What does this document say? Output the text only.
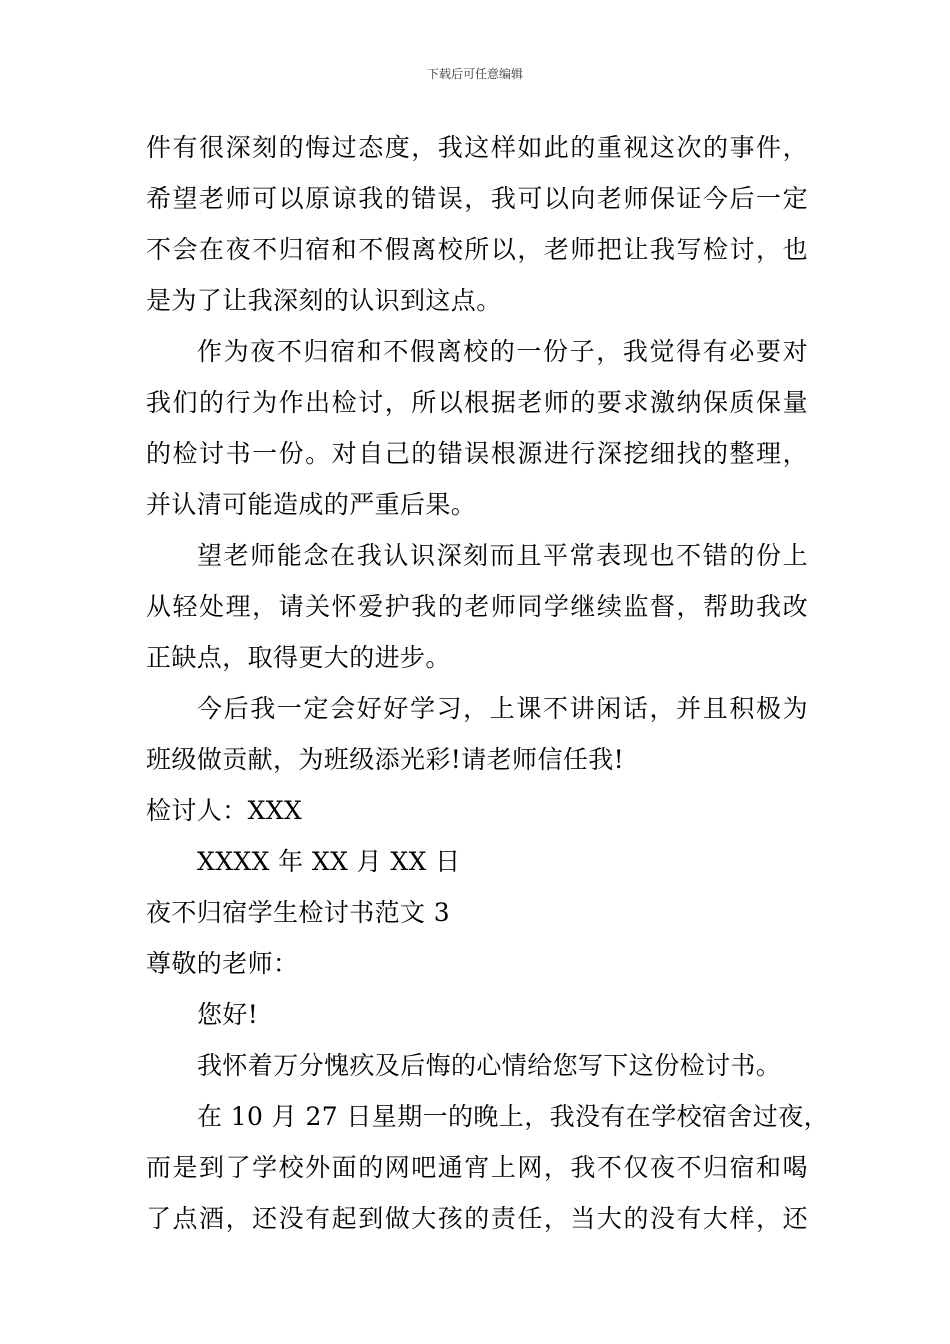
下载后可任意编辑
件有很深刻的悔过态度，我这样如此的重视这次的事件，
希望老师可以原谅我的错误，我可以向老师保证今后一定
不会在夜不归宿和不假离校所以，老师把让我写检讨，也
是为了让我深刻的认识到这点。
作为夜不归宿和不假离校的一份子，我觉得有必要对
我们的行为作出检讨，所以根据老师的要求激纳保质保量
的检讨书一份。对自己的错误根源进行深挖细找的整理，
并认清可能造成的严重后果。
望老师能念在我认识深刻而且平常表现也不错的份上
从轻处理，请关怀爱护我的老师同学继续监督，帮助我改
正缺点，取得更大的进步。
今后我一定会好好学习，上课不讲闲话，并且积极为
班级做贡献，为班级添光彩!请老师信任我!
检讨人：XXX
XXXX 年 XX 月 XX 日
夜不归宿学生检讨书范文 3
尊敬的老师：
您好!
我怀着万分愧疚及后悔的心情给您写下这份检讨书。
在 10 月 27 日星期一的晚上，我没有在学校宿舍过夜，
而是到了学校外面的网吧通宵上网，我不仅夜不归宿和喝
了点酒，还没有起到做大孩的责任，当大的没有大样，还
